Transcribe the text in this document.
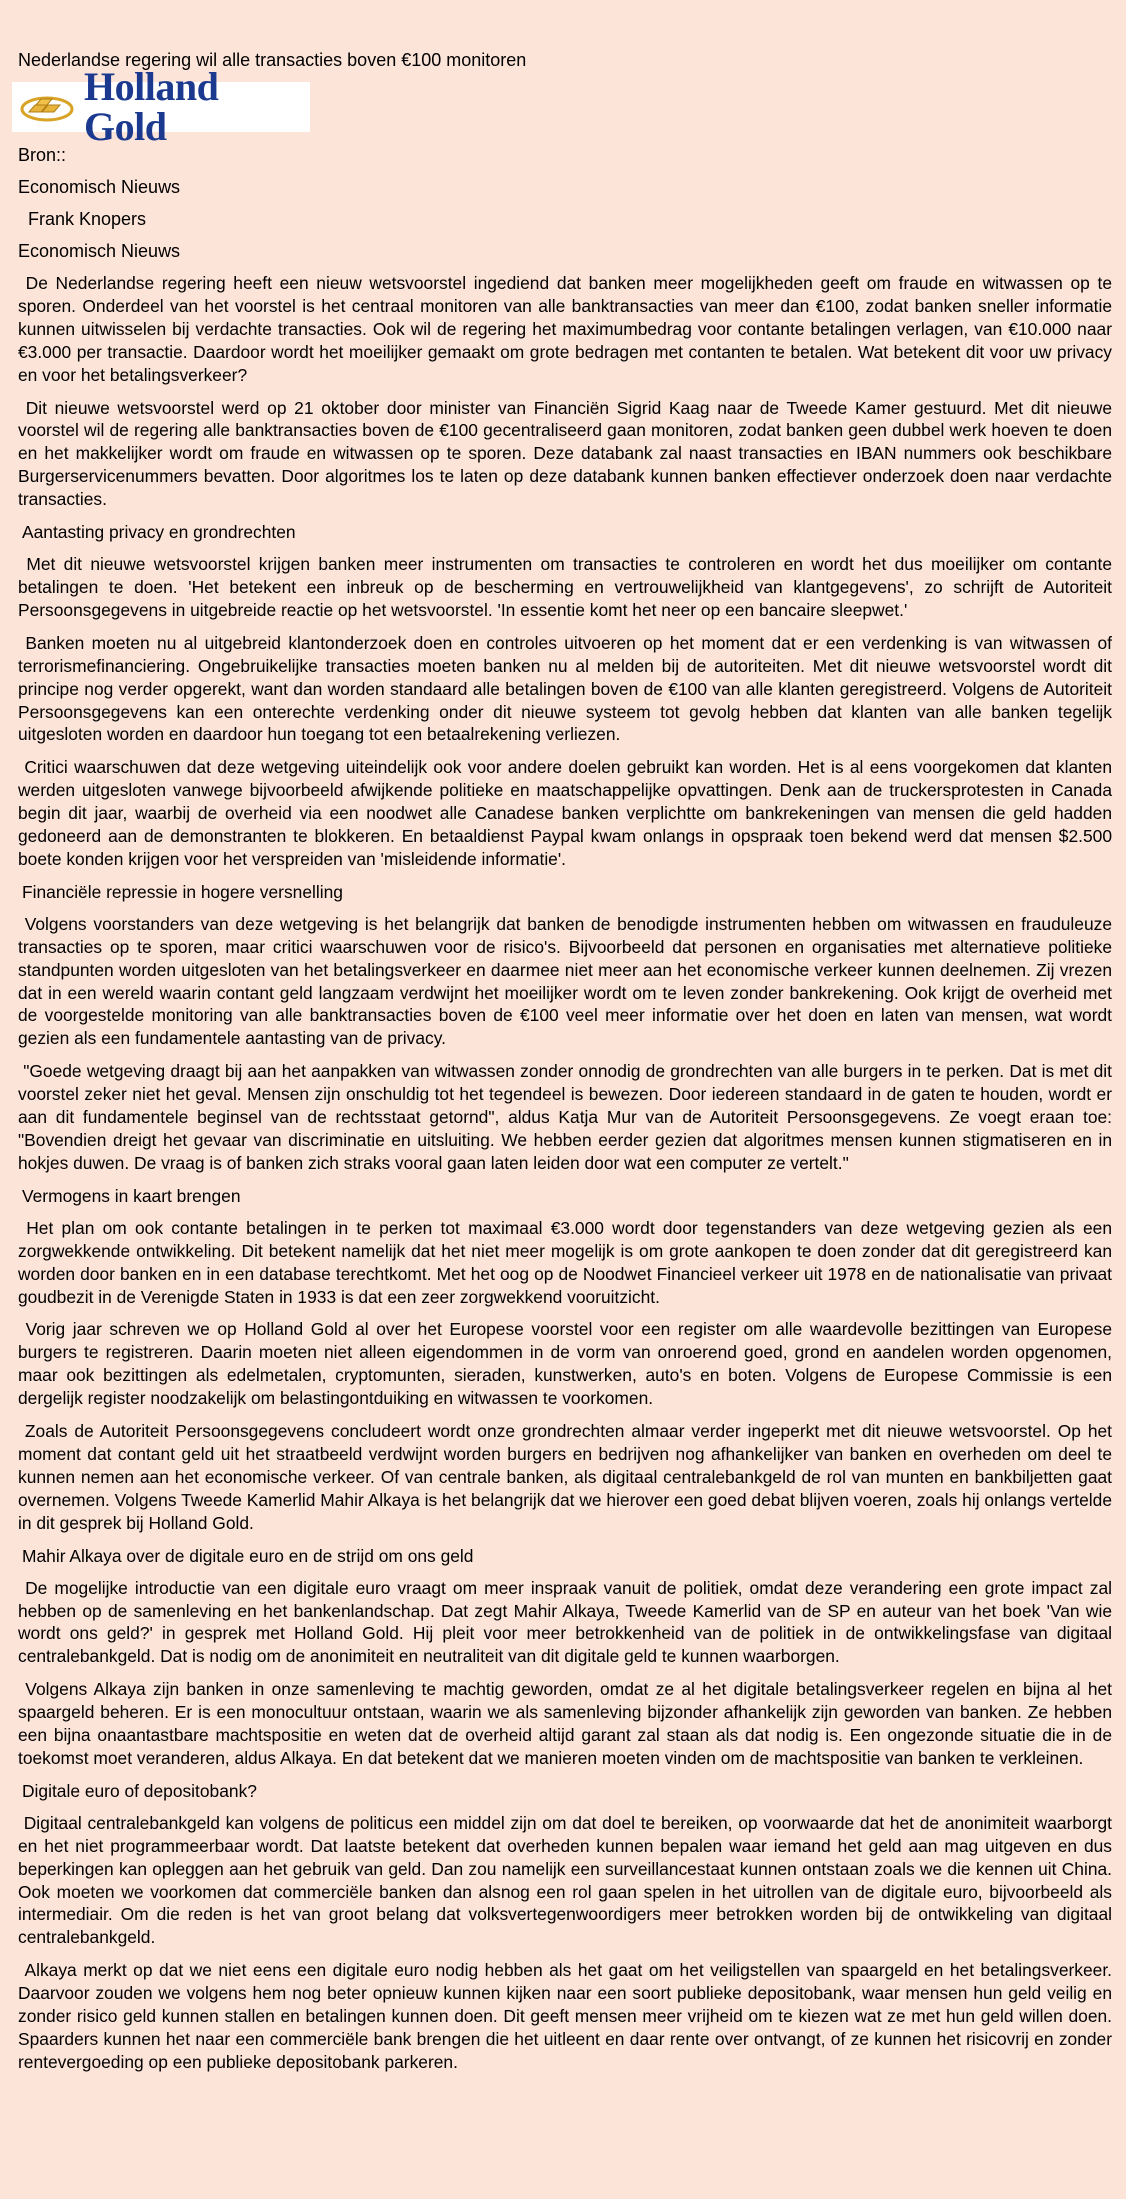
Nederlandse regering wil alle transacties boven €100 monitoren
Holland Gold
Bron::
Economisch Nieuws
Frank Knopers
Economisch Nieuws
De Nederlandse regering heeft een nieuw wetsvoorstel ingediend dat banken meer mogelijkheden geeft om fraude en witwassen op te sporen. Onderdeel van het voorstel is het centraal monitoren van alle banktransacties van meer dan €100, zodat banken sneller informatie kunnen uitwisselen bij verdachte transacties. Ook wil de regering het maximumbedrag voor contante betalingen verlagen, van €10.000 naar €3.000 per transactie. Daardoor wordt het moeilijker gemaakt om grote bedragen met contanten te betalen. Wat betekent dit voor uw privacy en voor het betalingsverkeer?
Dit nieuwe wetsvoorstel werd op 21 oktober door minister van Financiën Sigrid Kaag naar de Tweede Kamer gestuurd. Met dit nieuwe voorstel wil de regering alle banktransacties boven de €100 gecentraliseerd gaan monitoren, zodat banken geen dubbel werk hoeven te doen en het makkelijker wordt om fraude en witwassen op te sporen. Deze databank zal naast transacties en IBAN nummers ook beschikbare Burgerservicenummers bevatten. Door algoritmes los te laten op deze databank kunnen banken effectiever onderzoek doen naar verdachte transacties.
Aantasting privacy en grondrechten
Met dit nieuwe wetsvoorstel krijgen banken meer instrumenten om transacties te controleren en wordt het dus moeilijker om contante betalingen te doen. 'Het betekent een inbreuk op de bescherming en vertrouwelijkheid van klantgegevens', zo schrijft de Autoriteit Persoonsgegevens in uitgebreide reactie op het wetsvoorstel. 'In essentie komt het neer op een bancaire sleepwet.'
Banken moeten nu al uitgebreid klantonderzoek doen en controles uitvoeren op het moment dat er een verdenking is van witwassen of terrorismefinanciering. Ongebruikelijke transacties moeten banken nu al melden bij de autoriteiten. Met dit nieuwe wetsvoorstel wordt dit principe nog verder opgerekt, want dan worden standaard alle betalingen boven de €100 van alle klanten geregistreerd. Volgens de Autoriteit Persoonsgegevens kan een onterechte verdenking onder dit nieuwe systeem tot gevolg hebben dat klanten van alle banken tegelijk uitgesloten worden en daardoor hun toegang tot een betaalrekening verliezen.
Critici waarschuwen dat deze wetgeving uiteindelijk ook voor andere doelen gebruikt kan worden. Het is al eens voorgekomen dat klanten werden uitgesloten vanwege bijvoorbeeld afwijkende politieke en maatschappelijke opvattingen. Denk aan de truckersprotesten in Canada begin dit jaar, waarbij de overheid via een noodwet alle Canadese banken verplichtte om bankrekeningen van mensen die geld hadden gedoneerd aan de demonstranten te blokkeren. En betaaldienst Paypal kwam onlangs in opspraak toen bekend werd dat mensen $2.500 boete konden krijgen voor het verspreiden van 'misleidende informatie'.
Financiële repressie in hogere versnelling
Volgens voorstanders van deze wetgeving is het belangrijk dat banken de benodigde instrumenten hebben om witwassen en frauduleuze transacties op te sporen, maar critici waarschuwen voor de risico's. Bijvoorbeeld dat personen en organisaties met alternatieve politieke standpunten worden uitgesloten van het betalingsverkeer en daarmee niet meer aan het economische verkeer kunnen deelnemen. Zij vrezen dat in een wereld waarin contant geld langzaam verdwijnt het moeilijker wordt om te leven zonder bankrekening. Ook krijgt de overheid met de voorgestelde monitoring van alle banktransacties boven de €100 veel meer informatie over het doen en laten van mensen, wat wordt gezien als een fundamentele aantasting van de privacy.
"Goede wetgeving draagt bij aan het aanpakken van witwassen zonder onnodig de grondrechten van alle burgers in te perken. Dat is met dit voorstel zeker niet het geval. Mensen zijn onschuldig tot het tegendeel is bewezen. Door iedereen standaard in de gaten te houden, wordt er aan dit fundamentele beginsel van de rechtsstaat getornd", aldus Katja Mur van de Autoriteit Persoonsgegevens. Ze voegt eraan toe: "Bovendien dreigt het gevaar van discriminatie en uitsluiting. We hebben eerder gezien dat algoritmes mensen kunnen stigmatiseren en in hokjes duwen. De vraag is of banken zich straks vooral gaan laten leiden door wat een computer ze vertelt."
Vermogens in kaart brengen
Het plan om ook contante betalingen in te perken tot maximaal €3.000 wordt door tegenstanders van deze wetgeving gezien als een zorgwekkende ontwikkeling. Dit betekent namelijk dat het niet meer mogelijk is om grote aankopen te doen zonder dat dit geregistreerd kan worden door banken en in een database terechtkomt. Met het oog op de Noodwet Financieel verkeer uit 1978 en de nationalisatie van privaat goudbezit in de Verenigde Staten in 1933 is dat een zeer zorgwekkend vooruitzicht.
Vorig jaar schreven we op Holland Gold al over het Europese voorstel voor een register om alle waardevolle bezittingen van Europese burgers te registreren. Daarin moeten niet alleen eigendommen in de vorm van onroerend goed, grond en aandelen worden opgenomen, maar ook bezittingen als edelmetalen, cryptomunten, sieraden, kunstwerken, auto's en boten. Volgens de Europese Commissie is een dergelijk register noodzakelijk om belastingontduiking en witwassen te voorkomen.
Zoals de Autoriteit Persoonsgegevens concludeert wordt onze grondrechten almaar verder ingeperkt met dit nieuwe wetsvoorstel. Op het moment dat contant geld uit het straatbeeld verdwijnt worden burgers en bedrijven nog afhankelijker van banken en overheden om deel te kunnen nemen aan het economische verkeer. Of van centrale banken, als digitaal centralebankgeld de rol van munten en bankbiljetten gaat overnemen. Volgens Tweede Kamerlid Mahir Alkaya is het belangrijk dat we hierover een goed debat blijven voeren, zoals hij onlangs vertelde in dit gesprek bij Holland Gold.
Mahir Alkaya over de digitale euro en de strijd om ons geld
De mogelijke introductie van een digitale euro vraagt om meer inspraak vanuit de politiek, omdat deze verandering een grote impact zal hebben op de samenleving en het bankenlandschap. Dat zegt Mahir Alkaya, Tweede Kamerlid van de SP en auteur van het boek 'Van wie wordt ons geld?' in gesprek met Holland Gold. Hij pleit voor meer betrokkenheid van de politiek in de ontwikkelingsfase van digitaal centralebankgeld. Dat is nodig om de anonimiteit en neutraliteit van dit digitale geld te kunnen waarborgen.
Volgens Alkaya zijn banken in onze samenleving te machtig geworden, omdat ze al het digitale betalingsverkeer regelen en bijna al het spaargeld beheren. Er is een monocultuur ontstaan, waarin we als samenleving bijzonder afhankelijk zijn geworden van banken. Ze hebben een bijna onaantastbare machtspositie en weten dat de overheid altijd garant zal staan als dat nodig is. Een ongezonde situatie die in de toekomst moet veranderen, aldus Alkaya. En dat betekent dat we manieren moeten vinden om de machtspositie van banken te verkleinen.
Digitale euro of depositobank?
Digitaal centralebankgeld kan volgens de politicus een middel zijn om dat doel te bereiken, op voorwaarde dat het de anonimiteit waarborgt en het niet programmeerbaar wordt. Dat laatste betekent dat overheden kunnen bepalen waar iemand het geld aan mag uitgeven en dus beperkingen kan opleggen aan het gebruik van geld. Dan zou namelijk een surveillancestaat kunnen ontstaan zoals we die kennen uit China. Ook moeten we voorkomen dat commerciële banken dan alsnog een rol gaan spelen in het uitrollen van de digitale euro, bijvoorbeeld als intermediair. Om die reden is het van groot belang dat volksvertegenwoordigers meer betrokken worden bij de ontwikkeling van digitaal centralebankgeld.
Alkaya merkt op dat we niet eens een digitale euro nodig hebben als het gaat om het veiligstellen van spaargeld en het betalingsverkeer. Daarvoor zouden we volgens hem nog beter opnieuw kunnen kijken naar een soort publieke depositobank, waar mensen hun geld veilig en zonder risico geld kunnen stallen en betalingen kunnen doen. Dit geeft mensen meer vrijheid om te kiezen wat ze met hun geld willen doen. Spaarders kunnen het naar een commerciële bank brengen die het uitleent en daar rente over ontvangt, of ze kunnen het risicovrij en zonder rentevergoeding op een publieke depositobank parkeren.
